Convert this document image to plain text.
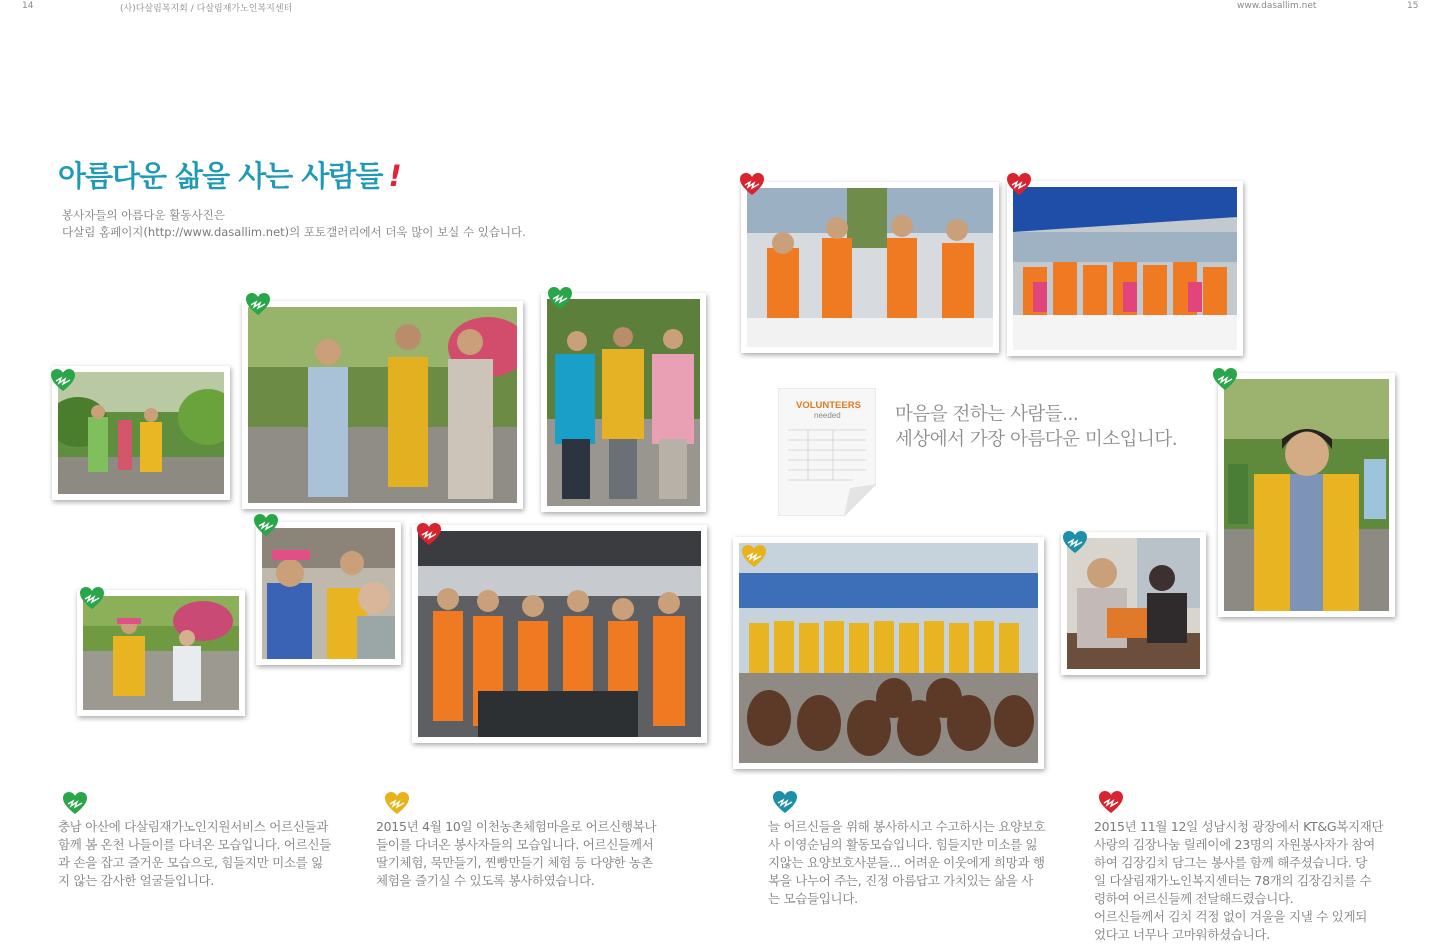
14	(사)다살림복지회 / 다살림재가노인복지센터	www.dasallim.net	15
아름다운 삶을 사는 사람들 !
봉사자들의 아름다운 활동사진은
다살림 홈페이지(http://www.dasallim.net)의 포토갤러리에서 더욱 많이 보실 수 있습니다.
VOLUNTEERS
needed	마음을 전하는 사람들...
세상에서 가장 아름다운 미소입니다.
충남 아산에 다살림재가노인지원서비스 어르신들과
함께 봄 온천 나들이를 다녀온 모습입니다. 어르신들
과 손을 잡고 즐거운 모습으로, 힘들지만 미소를 잃
지 않는 감사한 얼굴들입니다.
2015년 4월 10일 이천농촌체험마을로 어르신행복나
들이를 다녀온 봉사자들의 모습입니다. 어르신들께서
딸기체험, 묵만들기, 찐빵만들기 체험 등 다양한 농촌
체험을 즐기실 수 있도록 봉사하였습니다.
늘 어르신들을 위해 봉사하시고 수고하시는 요양보호
사 이영순님의 활동모습입니다. 힘들지만 미소를 잃
지않는 요양보호사분들... 어려운 이웃에게 희망과 행
복을 나누어 주는, 진정 아름답고 가치있는 삶을 사
는 모습들입니다.
2015년 11월 12일 성남시청 광장에서 KT&G복지재단
사랑의 김장나눔 릴레이에 23명의 자원봉사자가 참여
하여 김장김치 담그는 봉사를 함께 해주셨습니다. 당
일 다살림재가노인복지센터는 78개의 김장김치를 수
령하여 어르신들께 전달해드렸습니다.
어르신들께서 김치 걱정 없이 겨울을 지낼 수 있게되
었다고 너무나 고마워하셨습니다.
